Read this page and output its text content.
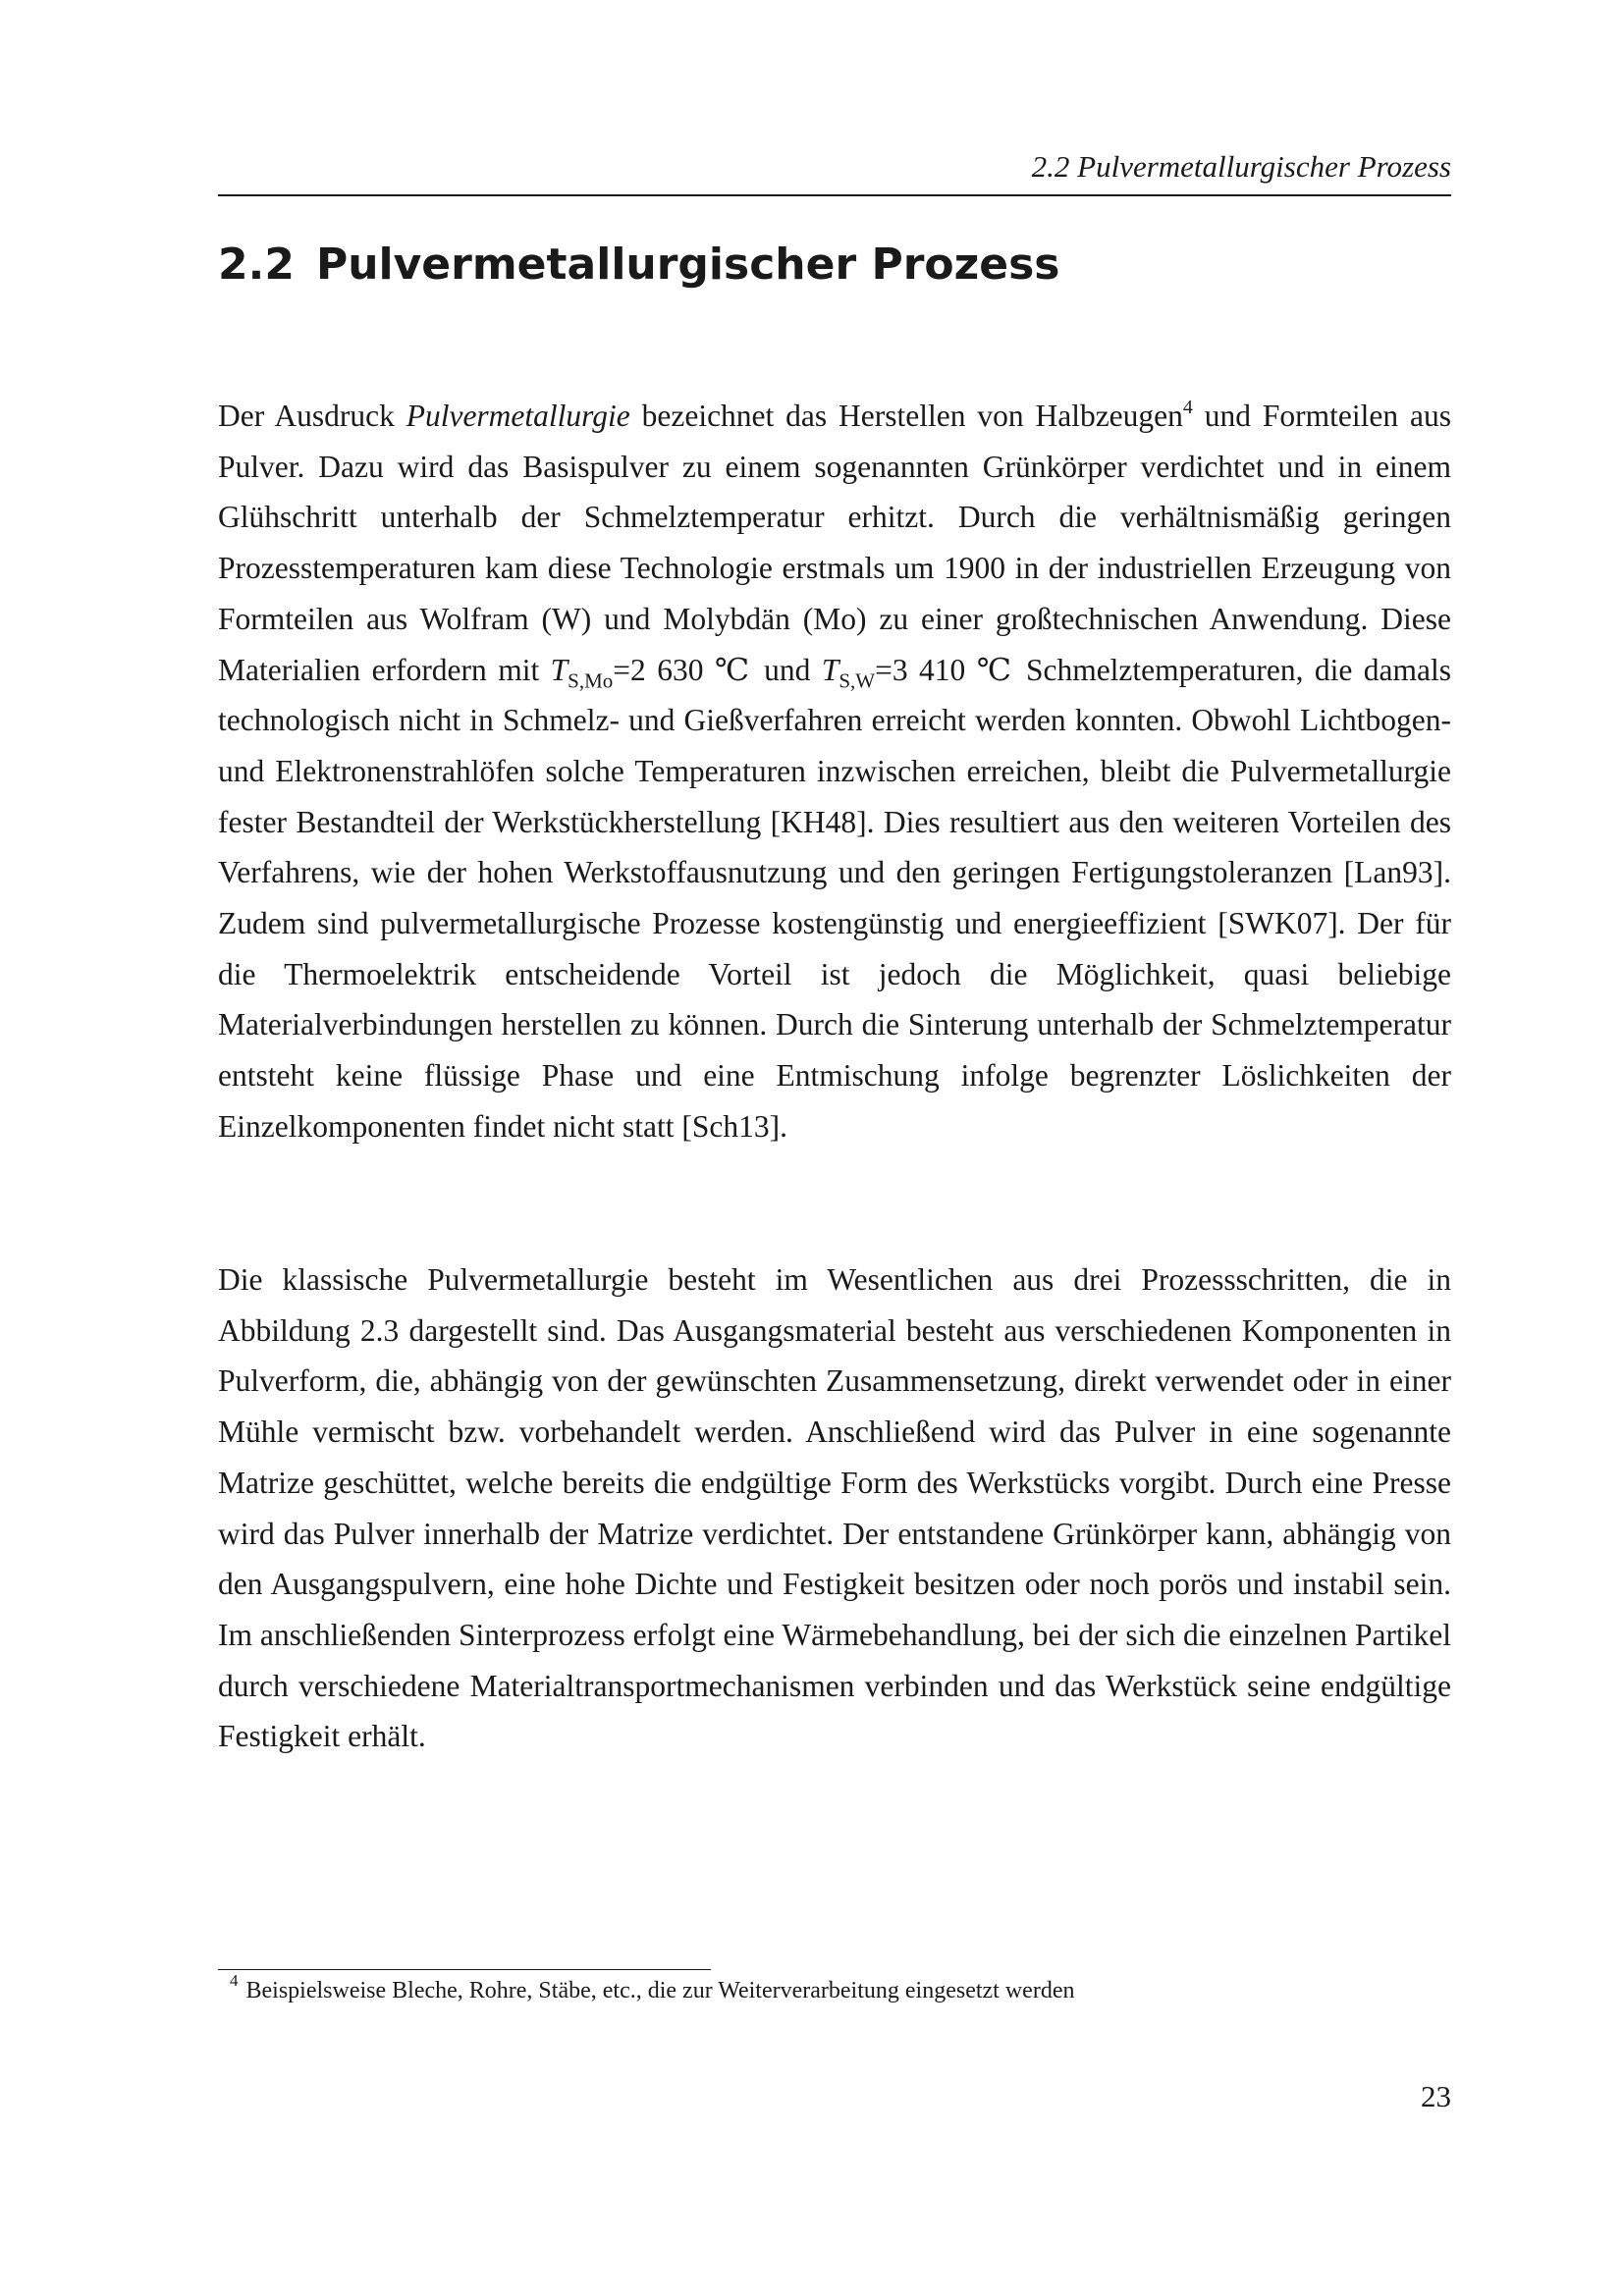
2.2 Pulvermetallurgischer Prozess
2.2 Pulvermetallurgischer Prozess

Der Ausdruck Pulvermetallurgie bezeichnet das Herstellen von Halbzeugen$^4$ und Formteilen aus Pulver. Dazu wird das Basispulver zu einem sogenannten Grünkörper verdichtet und in einem Glühschritt unterhalb der Schmelztemperatur erhitzt. Durch die verhältnismäßig geringen Prozesstemperaturen kam diese Technologie erstmals um 1900 in der industriellen Erzeugung von Formteilen aus Wolfram (W) und Molybdän (Mo) zu einer großtechnischen Anwendung. Diese Materialien erfordern mit $T_{S,Mo}=2$ 630 ℃ und $T_{S,W}=3$ 410 ℃ Schmelztemperaturen, die damals technologisch nicht in Schmelz- und Gießverfahren erreicht werden konnten. Obwohl Lichtbogen- und Elektronenstrahlöfen solche Temperaturen inzwischen erreichen, bleibt die Pulvermetallurgie fester Bestandteil der Werkstückherstellung [KH48]. Dies resultiert aus den weiteren Vorteilen des Verfahrens, wie der hohen Werkstoffausnutzung und den geringen Fertigungstoleranzen [Lan93]. Zudem sind pulvermetallurgische Prozesse kostengünstig und energieeffizient [SWK07]. Der für die Thermoelektrik entscheidende Vorteil ist jedoch die Möglichkeit, quasi beliebige Materialverbindungen herstellen zu können. Durch die Sinterung unterhalb der Schmelztemperatur entsteht keine flüssige Phase und eine Entmischung infolge begrenzter Löslichkeiten der Einzelkomponenten findet nicht statt [Sch13].

Die klassische Pulvermetallurgie besteht im Wesentlichen aus drei Prozessschritten, die in Abbildung 2.3 dargestellt sind. Das Ausgangsmaterial besteht aus verschiedenen Komponenten in Pulverform, die, abhängig von der gewünschten Zusammensetzung, direkt verwendet oder in einer Mühle vermischt bzw. vorbehandelt werden. Anschließend wird das Pulver in eine sogenannte Matrize geschüttet, welche bereits die endgültige Form des Werkstücks vorgibt. Durch eine Presse wird das Pulver innerhalb der Matrize verdichtet. Der entstandene Grünkörper kann, abhängig von den Ausgangspulvern, eine hohe Dichte und Festigkeit besitzen oder noch porös und instabil sein. Im anschließenden Sinterprozess erfolgt eine Wärmebehandlung, bei der sich die einzelnen Partikel durch verschiedene Materialtransportmechanismen verbinden und das Werkstück seine endgültige Festigkeit erhält.

$^4$ Beispielsweise Bleche, Rohre, Stäbe, etc., die zur Weiterverarbeitung eingesetzt werden
23
